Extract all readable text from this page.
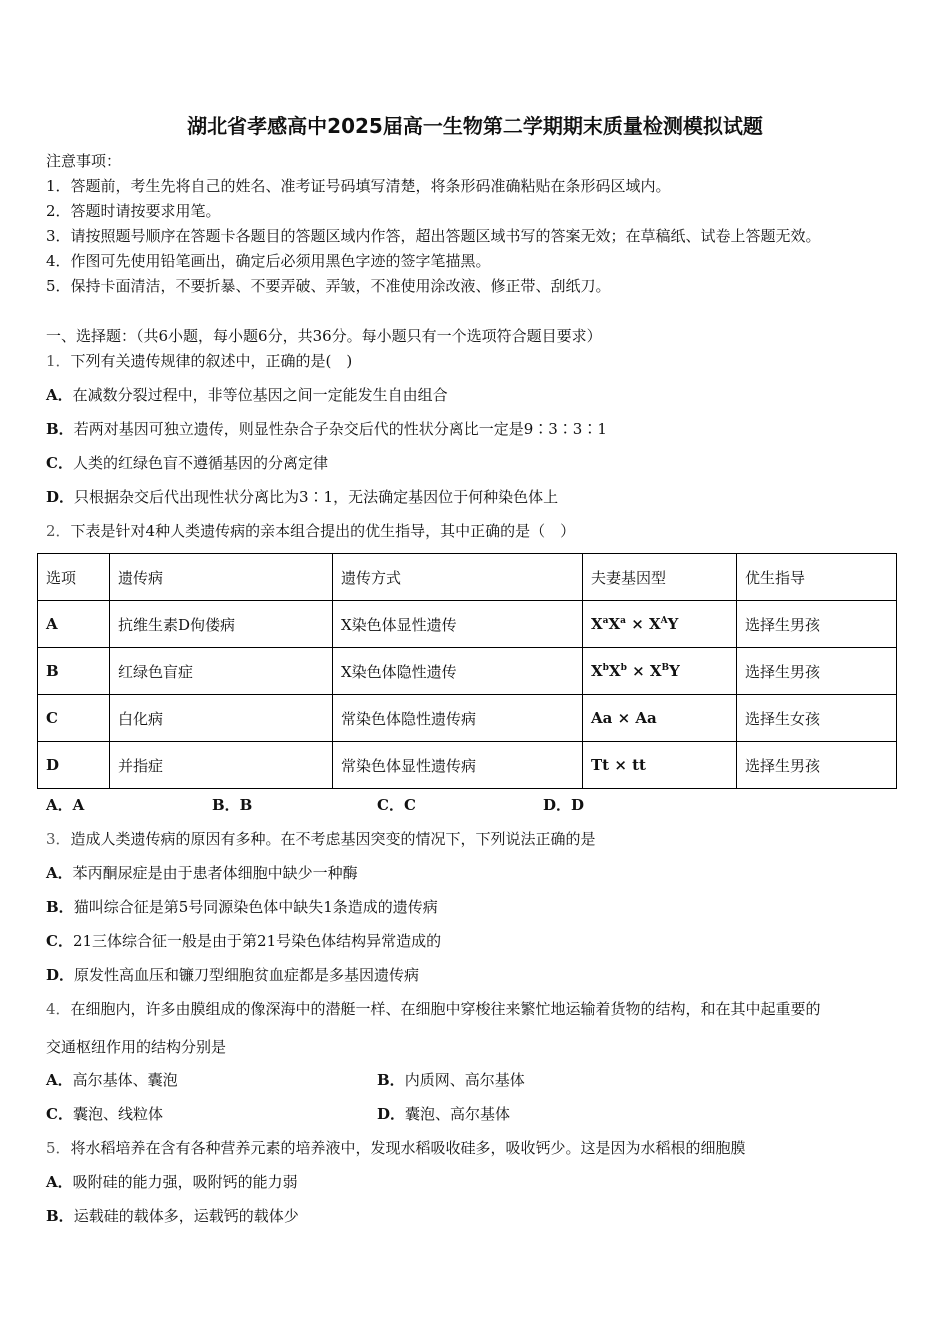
湖北省孝感高中2025届高一生物第二学期期末质量检测模拟试题
注意事项：
1．答题前，考生先将自己的姓名、准考证号码填写清楚，将条形码准确粘贴在条形码区域内。
2．答题时请按要求用笔。
3．请按照题号顺序在答题卡各题目的答题区域内作答，超出答题区域书写的答案无效；在草稿纸、试卷上答题无效。
4．作图可先使用铅笔画出，确定后必须用黑色字迹的签字笔描黑。
5．保持卡面清洁，不要折暴、不要弄破、弄皱，不准使用涂改液、修正带、刮纸刀。
一、选择题：（共6小题，每小题6分，共36分。每小题只有一个选项符合题目要求）
1．下列有关遗传规律的叙述中，正确的是(　)
A．在减数分裂过程中，非等位基因之间一定能发生自由组合
B．若两对基因可独立遗传，则显性杂合子杂交后代的性状分离比一定是9∶3∶3∶1
C．人类的红绿色盲不遵循基因的分离定律
D．只根据杂交后代出现性状分离比为3∶1，无法确定基因位于何种染色体上
2．下表是针对4种人类遗传病的亲本组合提出的优生指导，其中正确的是（　）
选项	遗传病	遗传方式	夫妻基因型	优生指导
A	抗维生素D佝偻病	X染色体显性遗传	$X^aX^a \times X^AY$	选择生男孩
B	红绿色盲症	X染色体隐性遗传	$X^bX^b \times X^BY$	选择生男孩
C	白化病	常染色体隐性遗传病	Aa × Aa	选择生女孩
D	并指症	常染色体显性遗传病	Tt × tt	选择生男孩
A．A	B．B	C．C	D．D
3．造成人类遗传病的原因有多种。在不考虑基因突变的情况下，下列说法正确的是
A．苯丙酮尿症是由于患者体细胞中缺少一种酶
B．猫叫综合征是第5号同源染色体中缺失1条造成的遗传病
C．21三体综合征一般是由于第21号染色体结构异常造成的
D．原发性高血压和镰刀型细胞贫血症都是多基因遗传病
4．在细胞内，许多由膜组成的像深海中的潜艇一样、在细胞中穿梭往来繁忙地运输着货物的结构，和在其中起重要的
交通枢纽作用的结构分别是
A．高尔基体、囊泡	B．内质网、高尔基体
C．囊泡、线粒体	D．囊泡、高尔基体
5．将水稻培养在含有各种营养元素的培养液中，发现水稻吸收硅多，吸收钙少。这是因为水稻根的细胞膜
A．吸附硅的能力强，吸附钙的能力弱
B．运载硅的载体多，运载钙的载体少
